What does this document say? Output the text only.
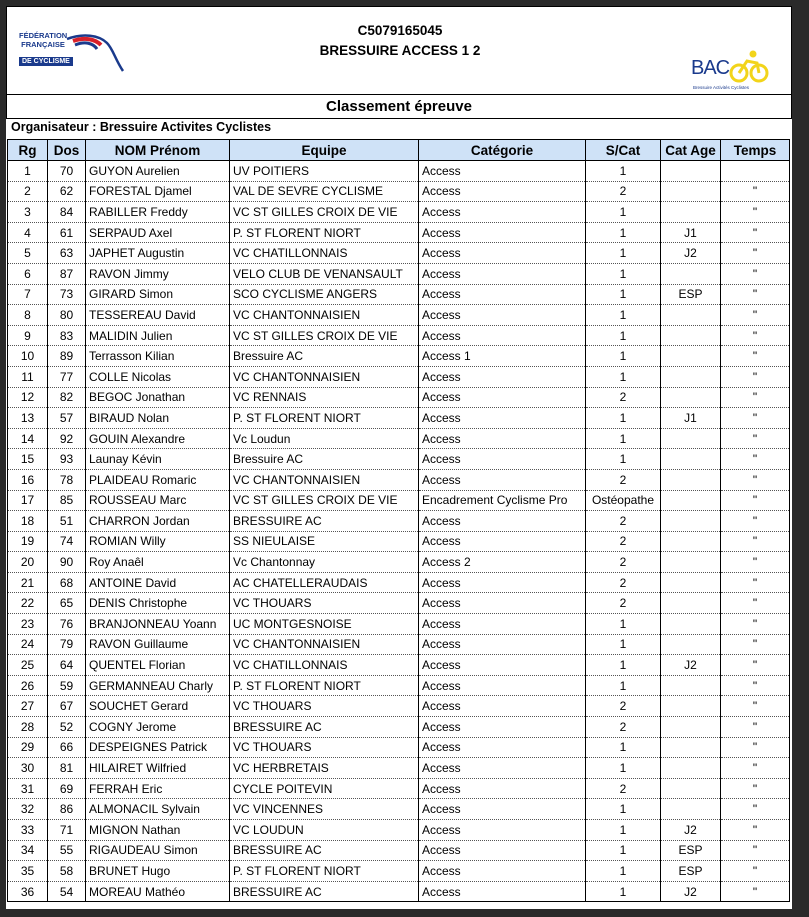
FÉDÉRATION
FRANÇAISE
DE CYCLISME
C5079165045
BRESSUIRE ACCESS 1 2
BAC
Bressuire Activités Cyclistes
Classement épreuve
Organisateur : Bressuire Activites Cyclistes
Rg	Dos	NOM Prénom	Equipe	Catégorie	S/Cat	Cat Age	Temps
1	70	GUYON Aurelien	UV POITIERS	Access	1		
2	62	FORESTAL Djamel	VAL DE SEVRE CYCLISME	Access	2		"
3	84	RABILLER Freddy	VC ST GILLES CROIX DE VIE	Access	1		"
4	61	SERPAUD Axel	P. ST FLORENT NIORT	Access	1	J1	"
5	63	JAPHET Augustin	VC CHATILLONNAIS	Access	1	J2	"
6	87	RAVON Jimmy	VELO CLUB DE VENANSAULT	Access	1		"
7	73	GIRARD Simon	SCO CYCLISME ANGERS	Access	1	ESP	"
8	80	TESSEREAU David	VC CHANTONNAISIEN	Access	1		"
9	83	MALIDIN Julien	VC ST GILLES CROIX DE VIE	Access	1		"
10	89	Terrasson Kilian	Bressuire AC	Access 1	1		"
11	77	COLLE Nicolas	VC CHANTONNAISIEN	Access	1		"
12	82	BEGOC Jonathan	VC RENNAIS	Access	2		"
13	57	BIRAUD Nolan	P. ST FLORENT NIORT	Access	1	J1	"
14	92	GOUIN Alexandre	Vc Loudun	Access	1		"
15	93	Launay Kévin	Bressuire AC	Access	1		"
16	78	PLAIDEAU Romaric	VC CHANTONNAISIEN	Access	2		"
17	85	ROUSSEAU Marc	VC ST GILLES CROIX DE VIE	Encadrement Cyclisme Pro	Ostéopathe		"
18	51	CHARRON Jordan	BRESSUIRE AC	Access	2		"
19	74	ROMIAN Willy	SS NIEULAISE	Access	2		"
20	90	Roy Anaêl	Vc Chantonnay	Access 2	2		"
21	68	ANTOINE David	AC CHATELLERAUDAIS	Access	2		"
22	65	DENIS Christophe	VC THOUARS	Access	2		"
23	76	BRANJONNEAU Yoann	UC MONTGESNOISE	Access	1		"
24	79	RAVON Guillaume	VC CHANTONNAISIEN	Access	1		"
25	64	QUENTEL Florian	VC CHATILLONNAIS	Access	1	J2	"
26	59	GERMANNEAU Charly	P. ST FLORENT NIORT	Access	1		"
27	67	SOUCHET Gerard	VC THOUARS	Access	2		"
28	52	COGNY Jerome	BRESSUIRE AC	Access	2		"
29	66	DESPEIGNES Patrick	VC THOUARS	Access	1		"
30	81	HILAIRET Wilfried	VC HERBRETAIS	Access	1		"
31	69	FERRAH Eric	CYCLE POITEVIN	Access	2		"
32	86	ALMONACIL Sylvain	VC VINCENNES	Access	1		"
33	71	MIGNON Nathan	VC LOUDUN	Access	1	J2	"
34	55	RIGAUDEAU Simon	BRESSUIRE AC	Access	1	ESP	"
35	58	BRUNET Hugo	P. ST FLORENT NIORT	Access	1	ESP	"
36	54	MOREAU Mathéo	BRESSUIRE AC	Access	1	J2	"
